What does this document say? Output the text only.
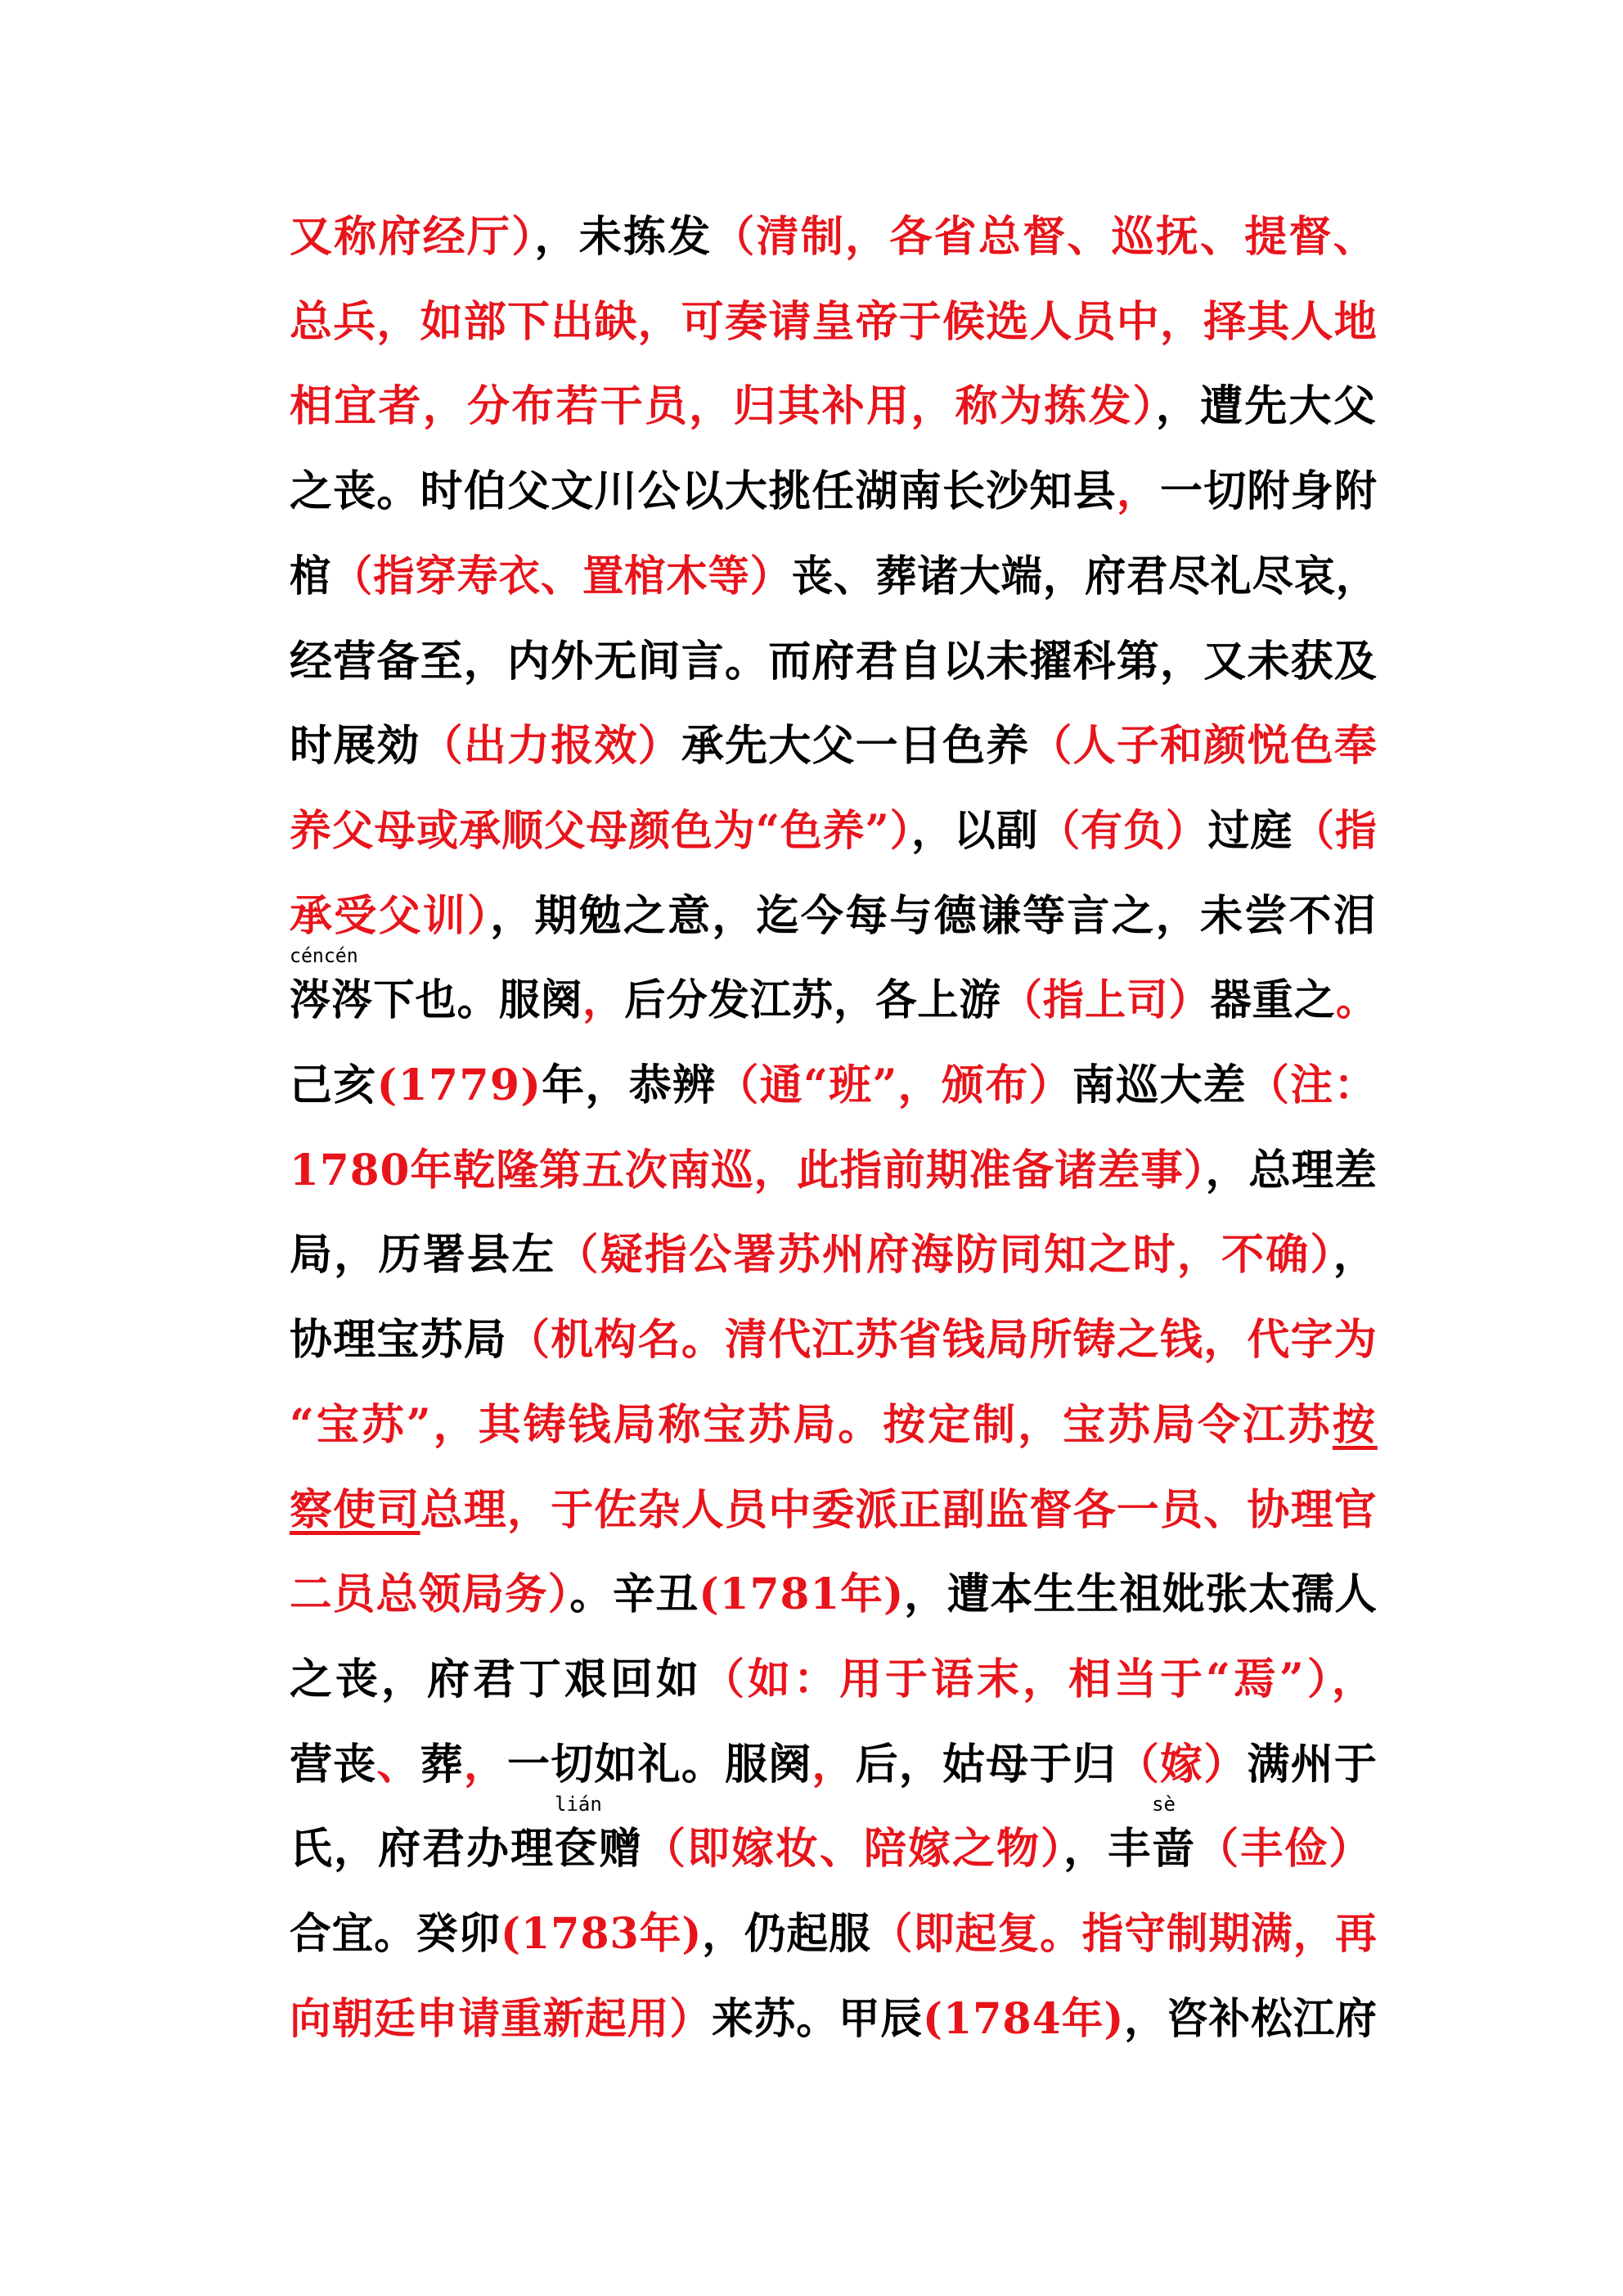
又称府经厅），未拣发（清制，各省总督、巡抚、提督、
总兵，如部下出缺，可奏请皇帝于候选人员中，择其人地
相宜者，分布若干员，归其补用，称为拣发），遭先大父
之丧。时伯父文川公以大挑任湖南长沙知县，一切附身附
棺（指穿寿衣、置棺木等）丧、葬诸大端，府君尽礼尽哀，
经营备至，内外无间言。而府君自以未擢科第，又未获及
时展効（出力报效）承先大父一日色养（人子和颜悦色奉
养父母或承顺父母颜色为“色养”），以副（有负）过庭（指
承受父训），期勉之意，迄今每与德谦等言之，未尝不泪
céncén
涔涔下也。服阕，后分发江苏，各上游（指上司）器重之。
己亥(1779)年，恭辨（通“班”，颁布）南巡大差（注：
1780年乾隆第五次南巡，此指前期准备诸差事），总理差
局，历署县左（疑指公署苏州府海防同知之时，不确），
协理宝苏局（机构名。清代江苏省钱局所铸之钱，代字为
“宝苏”，其铸钱局称宝苏局。按定制，宝苏局令江苏按
察使司总理，于佐杂人员中委派正副监督各一员、协理官
二员总领局务）。辛丑(1781年)，遭本生生祖妣张太孺人
之丧，府君丁艰回如（如：用于语末，相当于“焉”），
营丧、葬，一切如礼。服阕，后，姑母于归（嫁）满州于
氏，府君办理
lián
奁赠（即嫁妆、陪嫁之物），丰
sè
啬（丰俭）
合宜。癸卯(1783年)，仍起服（即起复。指守制期满，再
向朝廷申请重新起用）来苏。甲辰(1784年)，咨补松江府
